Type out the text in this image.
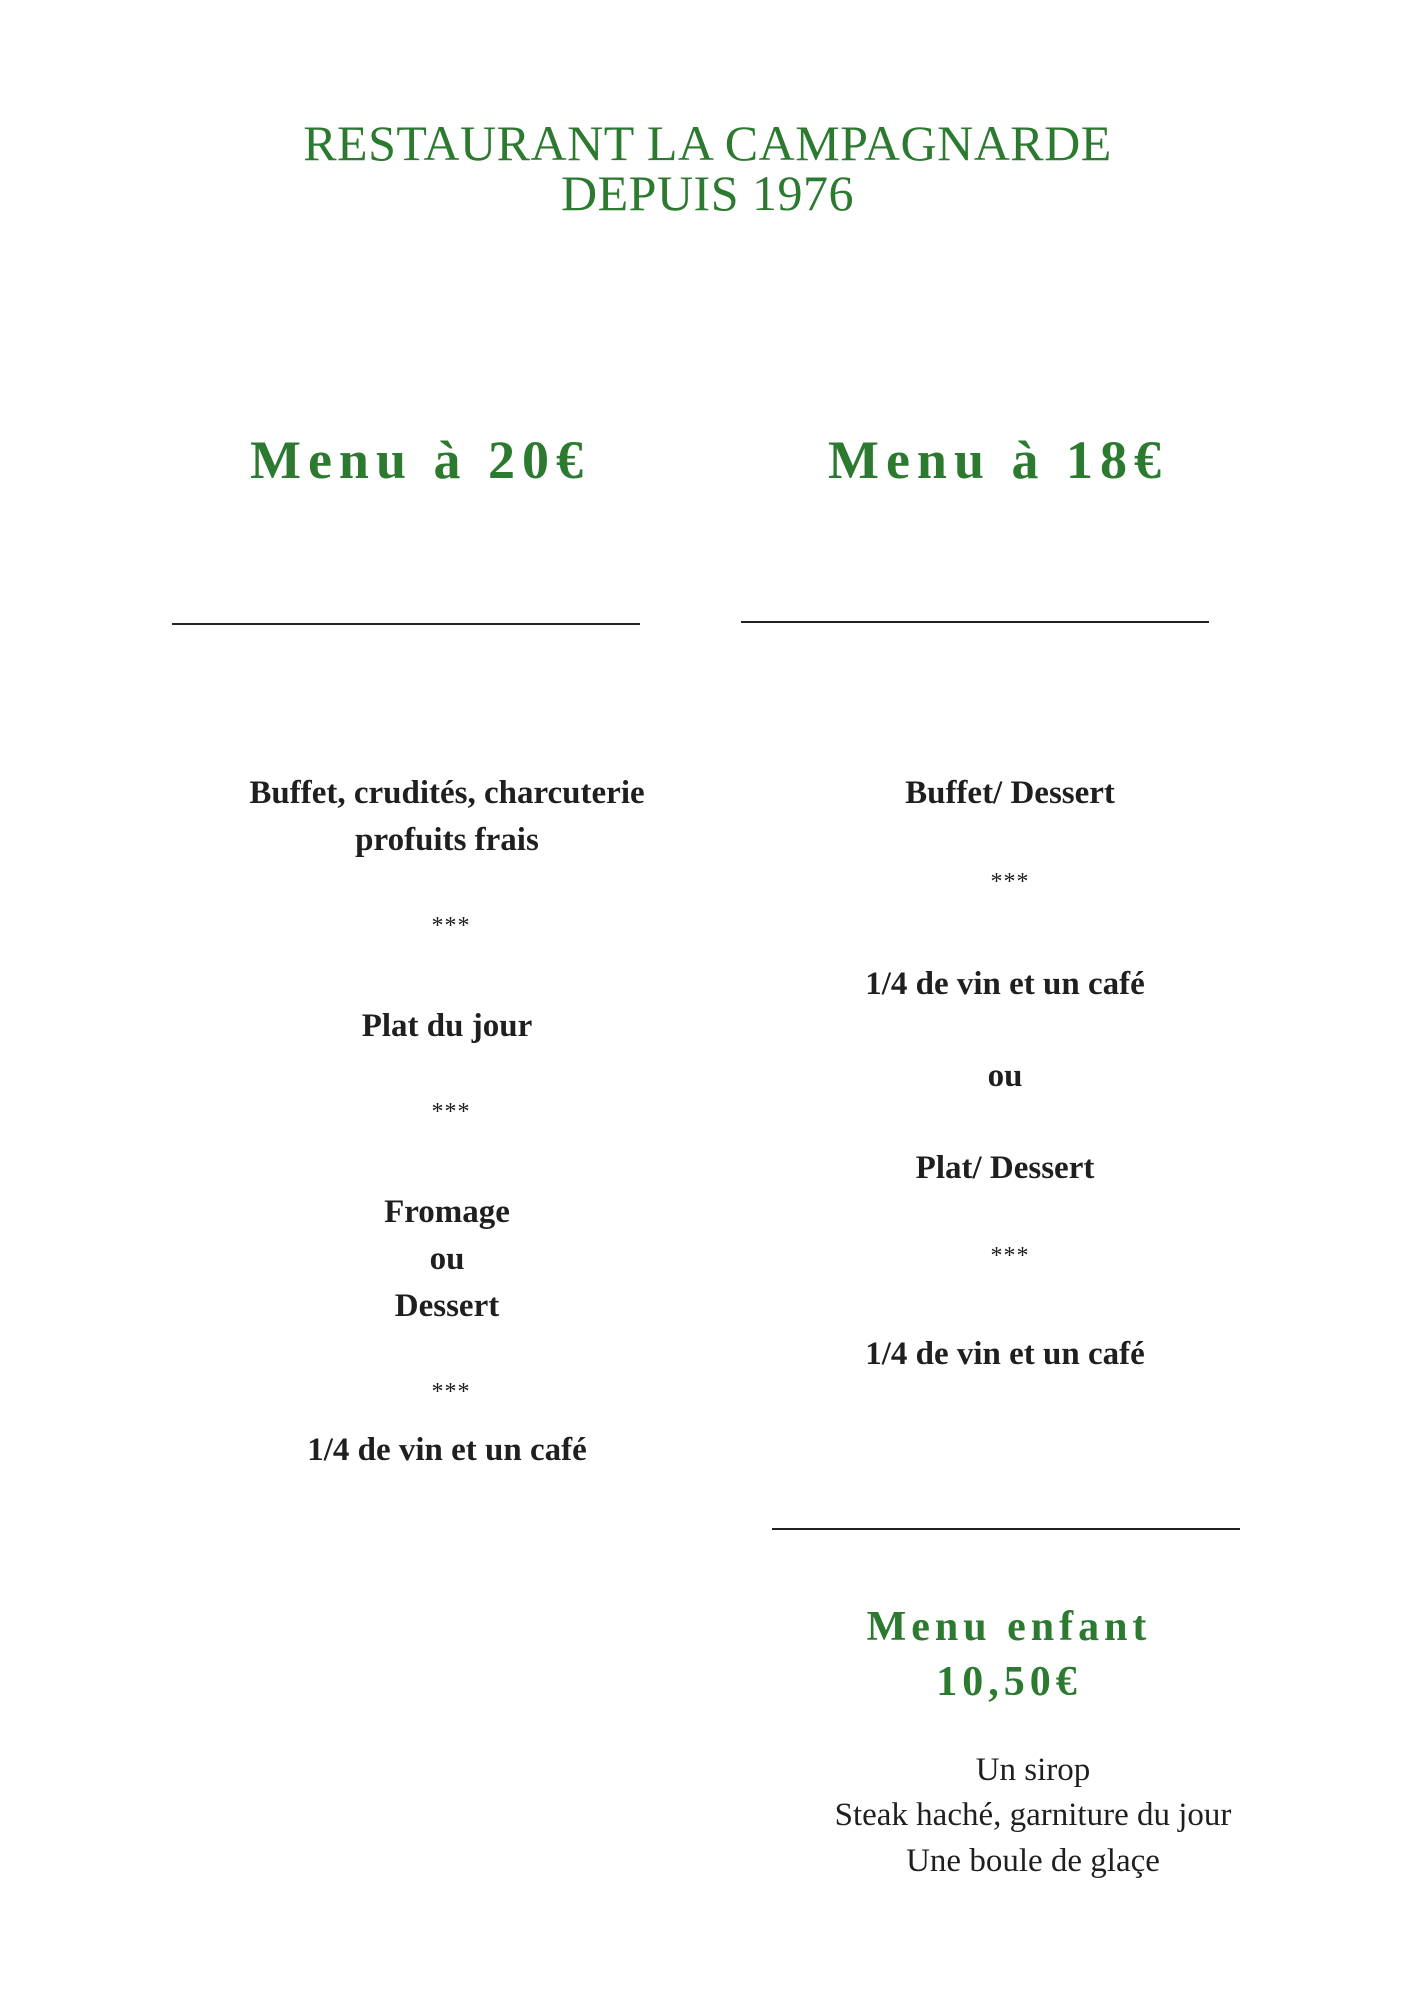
RESTAURANT LA CAMPAGNARDE
DEPUIS 1976
Menu à 20€
Buffet, crudités, charcuterie
profuits frais
***
Plat du jour
***
Fromage
ou
Dessert
***
1/4 de vin et un café
Menu à 18€
Buffet/ Dessert
***
1/4 de vin et un café
ou
Plat/ Dessert
***
1/4 de vin et un café
Menu enfant
10,50€
Un sirop
Steak haché, garniture du jour
Une boule de glaçe
